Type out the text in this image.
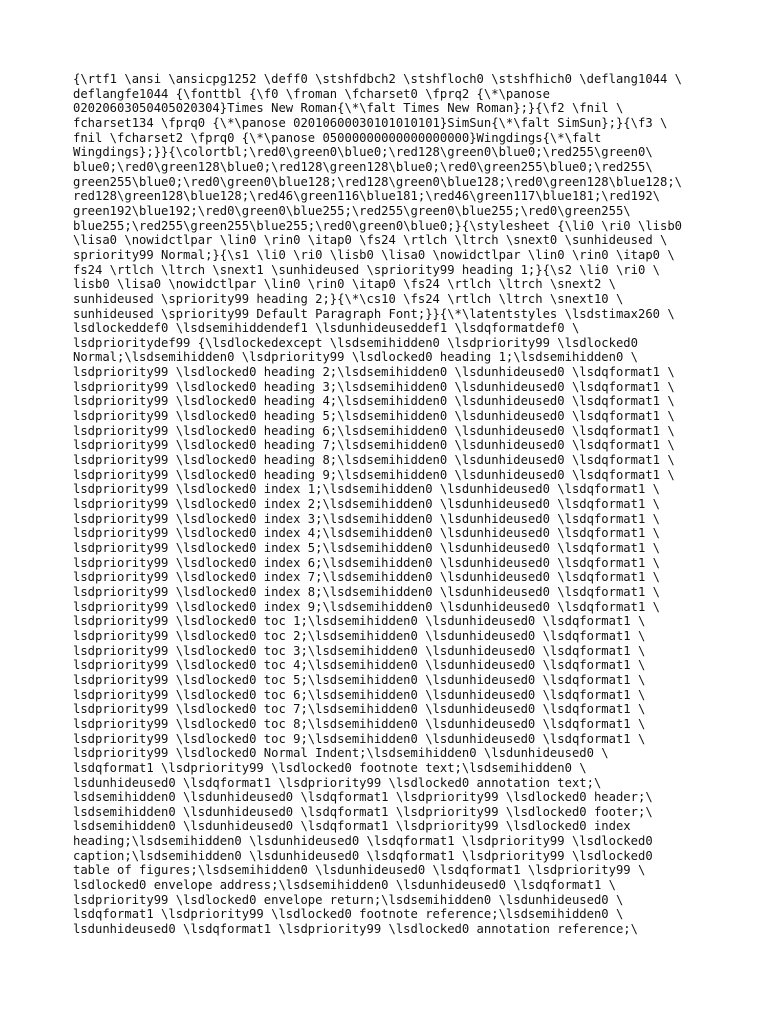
{\rtf1 \ansi \ansicpg1252 \deff0 \stshfdbch2 \stshfloch0 \stshfhich0 \deflang1044 \
deflangfe1044 {\fonttbl {\f0 \froman \fcharset0 \fprq2 {\*\panose
02020603050405020304}Times New Roman{\*\falt Times New Roman};}{\f2 \fnil \
fcharset134 \fprq0 {\*\panose 02010600030101010101}SimSun{\*\falt SimSun};}{\f3 \
fnil \fcharset2 \fprq0 {\*\panose 05000000000000000000}Wingdings{\*\falt
Wingdings};}}{\colortbl;\red0\green0\blue0;\red128\green0\blue0;\red255\green0\
blue0;\red0\green128\blue0;\red128\green128\blue0;\red0\green255\blue0;\red255\
green255\blue0;\red0\green0\blue128;\red128\green0\blue128;\red0\green128\blue128;\
red128\green128\blue128;\red46\green116\blue181;\red46\green117\blue181;\red192\
green192\blue192;\red0\green0\blue255;\red255\green0\blue255;\red0\green255\
blue255;\red255\green255\blue255;\red0\green0\blue0;}{\stylesheet {\li0 \ri0 \lisb0
\lisa0 \nowidctlpar \lin0 \rin0 \itap0 \fs24 \rtlch \ltrch \snext0 \sunhideused \
spriority99 Normal;}{\s1 \li0 \ri0 \lisb0 \lisa0 \nowidctlpar \lin0 \rin0 \itap0 \
fs24 \rtlch \ltrch \snext1 \sunhideused \spriority99 heading 1;}{\s2 \li0 \ri0 \
lisb0 \lisa0 \nowidctlpar \lin0 \rin0 \itap0 \fs24 \rtlch \ltrch \snext2 \
sunhideused \spriority99 heading 2;}{\*\cs10 \fs24 \rtlch \ltrch \snext10 \
sunhideused \spriority99 Default Paragraph Font;}}{\*\latentstyles \lsdstimax260 \
lsdlockeddef0 \lsdsemihiddendef1 \lsdunhideuseddef1 \lsdqformatdef0 \
lsdprioritydef99 {\lsdlockedexcept \lsdsemihidden0 \lsdpriority99 \lsdlocked0
Normal;\lsdsemihidden0 \lsdpriority99 \lsdlocked0 heading 1;\lsdsemihidden0 \
lsdpriority99 \lsdlocked0 heading 2;\lsdsemihidden0 \lsdunhideused0 \lsdqformat1 \
lsdpriority99 \lsdlocked0 heading 3;\lsdsemihidden0 \lsdunhideused0 \lsdqformat1 \
lsdpriority99 \lsdlocked0 heading 4;\lsdsemihidden0 \lsdunhideused0 \lsdqformat1 \
lsdpriority99 \lsdlocked0 heading 5;\lsdsemihidden0 \lsdunhideused0 \lsdqformat1 \
lsdpriority99 \lsdlocked0 heading 6;\lsdsemihidden0 \lsdunhideused0 \lsdqformat1 \
lsdpriority99 \lsdlocked0 heading 7;\lsdsemihidden0 \lsdunhideused0 \lsdqformat1 \
lsdpriority99 \lsdlocked0 heading 8;\lsdsemihidden0 \lsdunhideused0 \lsdqformat1 \
lsdpriority99 \lsdlocked0 heading 9;\lsdsemihidden0 \lsdunhideused0 \lsdqformat1 \
lsdpriority99 \lsdlocked0 index 1;\lsdsemihidden0 \lsdunhideused0 \lsdqformat1 \
lsdpriority99 \lsdlocked0 index 2;\lsdsemihidden0 \lsdunhideused0 \lsdqformat1 \
lsdpriority99 \lsdlocked0 index 3;\lsdsemihidden0 \lsdunhideused0 \lsdqformat1 \
lsdpriority99 \lsdlocked0 index 4;\lsdsemihidden0 \lsdunhideused0 \lsdqformat1 \
lsdpriority99 \lsdlocked0 index 5;\lsdsemihidden0 \lsdunhideused0 \lsdqformat1 \
lsdpriority99 \lsdlocked0 index 6;\lsdsemihidden0 \lsdunhideused0 \lsdqformat1 \
lsdpriority99 \lsdlocked0 index 7;\lsdsemihidden0 \lsdunhideused0 \lsdqformat1 \
lsdpriority99 \lsdlocked0 index 8;\lsdsemihidden0 \lsdunhideused0 \lsdqformat1 \
lsdpriority99 \lsdlocked0 index 9;\lsdsemihidden0 \lsdunhideused0 \lsdqformat1 \
lsdpriority99 \lsdlocked0 toc 1;\lsdsemihidden0 \lsdunhideused0 \lsdqformat1 \
lsdpriority99 \lsdlocked0 toc 2;\lsdsemihidden0 \lsdunhideused0 \lsdqformat1 \
lsdpriority99 \lsdlocked0 toc 3;\lsdsemihidden0 \lsdunhideused0 \lsdqformat1 \
lsdpriority99 \lsdlocked0 toc 4;\lsdsemihidden0 \lsdunhideused0 \lsdqformat1 \
lsdpriority99 \lsdlocked0 toc 5;\lsdsemihidden0 \lsdunhideused0 \lsdqformat1 \
lsdpriority99 \lsdlocked0 toc 6;\lsdsemihidden0 \lsdunhideused0 \lsdqformat1 \
lsdpriority99 \lsdlocked0 toc 7;\lsdsemihidden0 \lsdunhideused0 \lsdqformat1 \
lsdpriority99 \lsdlocked0 toc 8;\lsdsemihidden0 \lsdunhideused0 \lsdqformat1 \
lsdpriority99 \lsdlocked0 toc 9;\lsdsemihidden0 \lsdunhideused0 \lsdqformat1 \
lsdpriority99 \lsdlocked0 Normal Indent;\lsdsemihidden0 \lsdunhideused0 \
lsdqformat1 \lsdpriority99 \lsdlocked0 footnote text;\lsdsemihidden0 \
lsdunhideused0 \lsdqformat1 \lsdpriority99 \lsdlocked0 annotation text;\
lsdsemihidden0 \lsdunhideused0 \lsdqformat1 \lsdpriority99 \lsdlocked0 header;\
lsdsemihidden0 \lsdunhideused0 \lsdqformat1 \lsdpriority99 \lsdlocked0 footer;\
lsdsemihidden0 \lsdunhideused0 \lsdqformat1 \lsdpriority99 \lsdlocked0 index
heading;\lsdsemihidden0 \lsdunhideused0 \lsdqformat1 \lsdpriority99 \lsdlocked0
caption;\lsdsemihidden0 \lsdunhideused0 \lsdqformat1 \lsdpriority99 \lsdlocked0
table of figures;\lsdsemihidden0 \lsdunhideused0 \lsdqformat1 \lsdpriority99 \
lsdlocked0 envelope address;\lsdsemihidden0 \lsdunhideused0 \lsdqformat1 \
lsdpriority99 \lsdlocked0 envelope return;\lsdsemihidden0 \lsdunhideused0 \
lsdqformat1 \lsdpriority99 \lsdlocked0 footnote reference;\lsdsemihidden0 \
lsdunhideused0 \lsdqformat1 \lsdpriority99 \lsdlocked0 annotation reference;\
